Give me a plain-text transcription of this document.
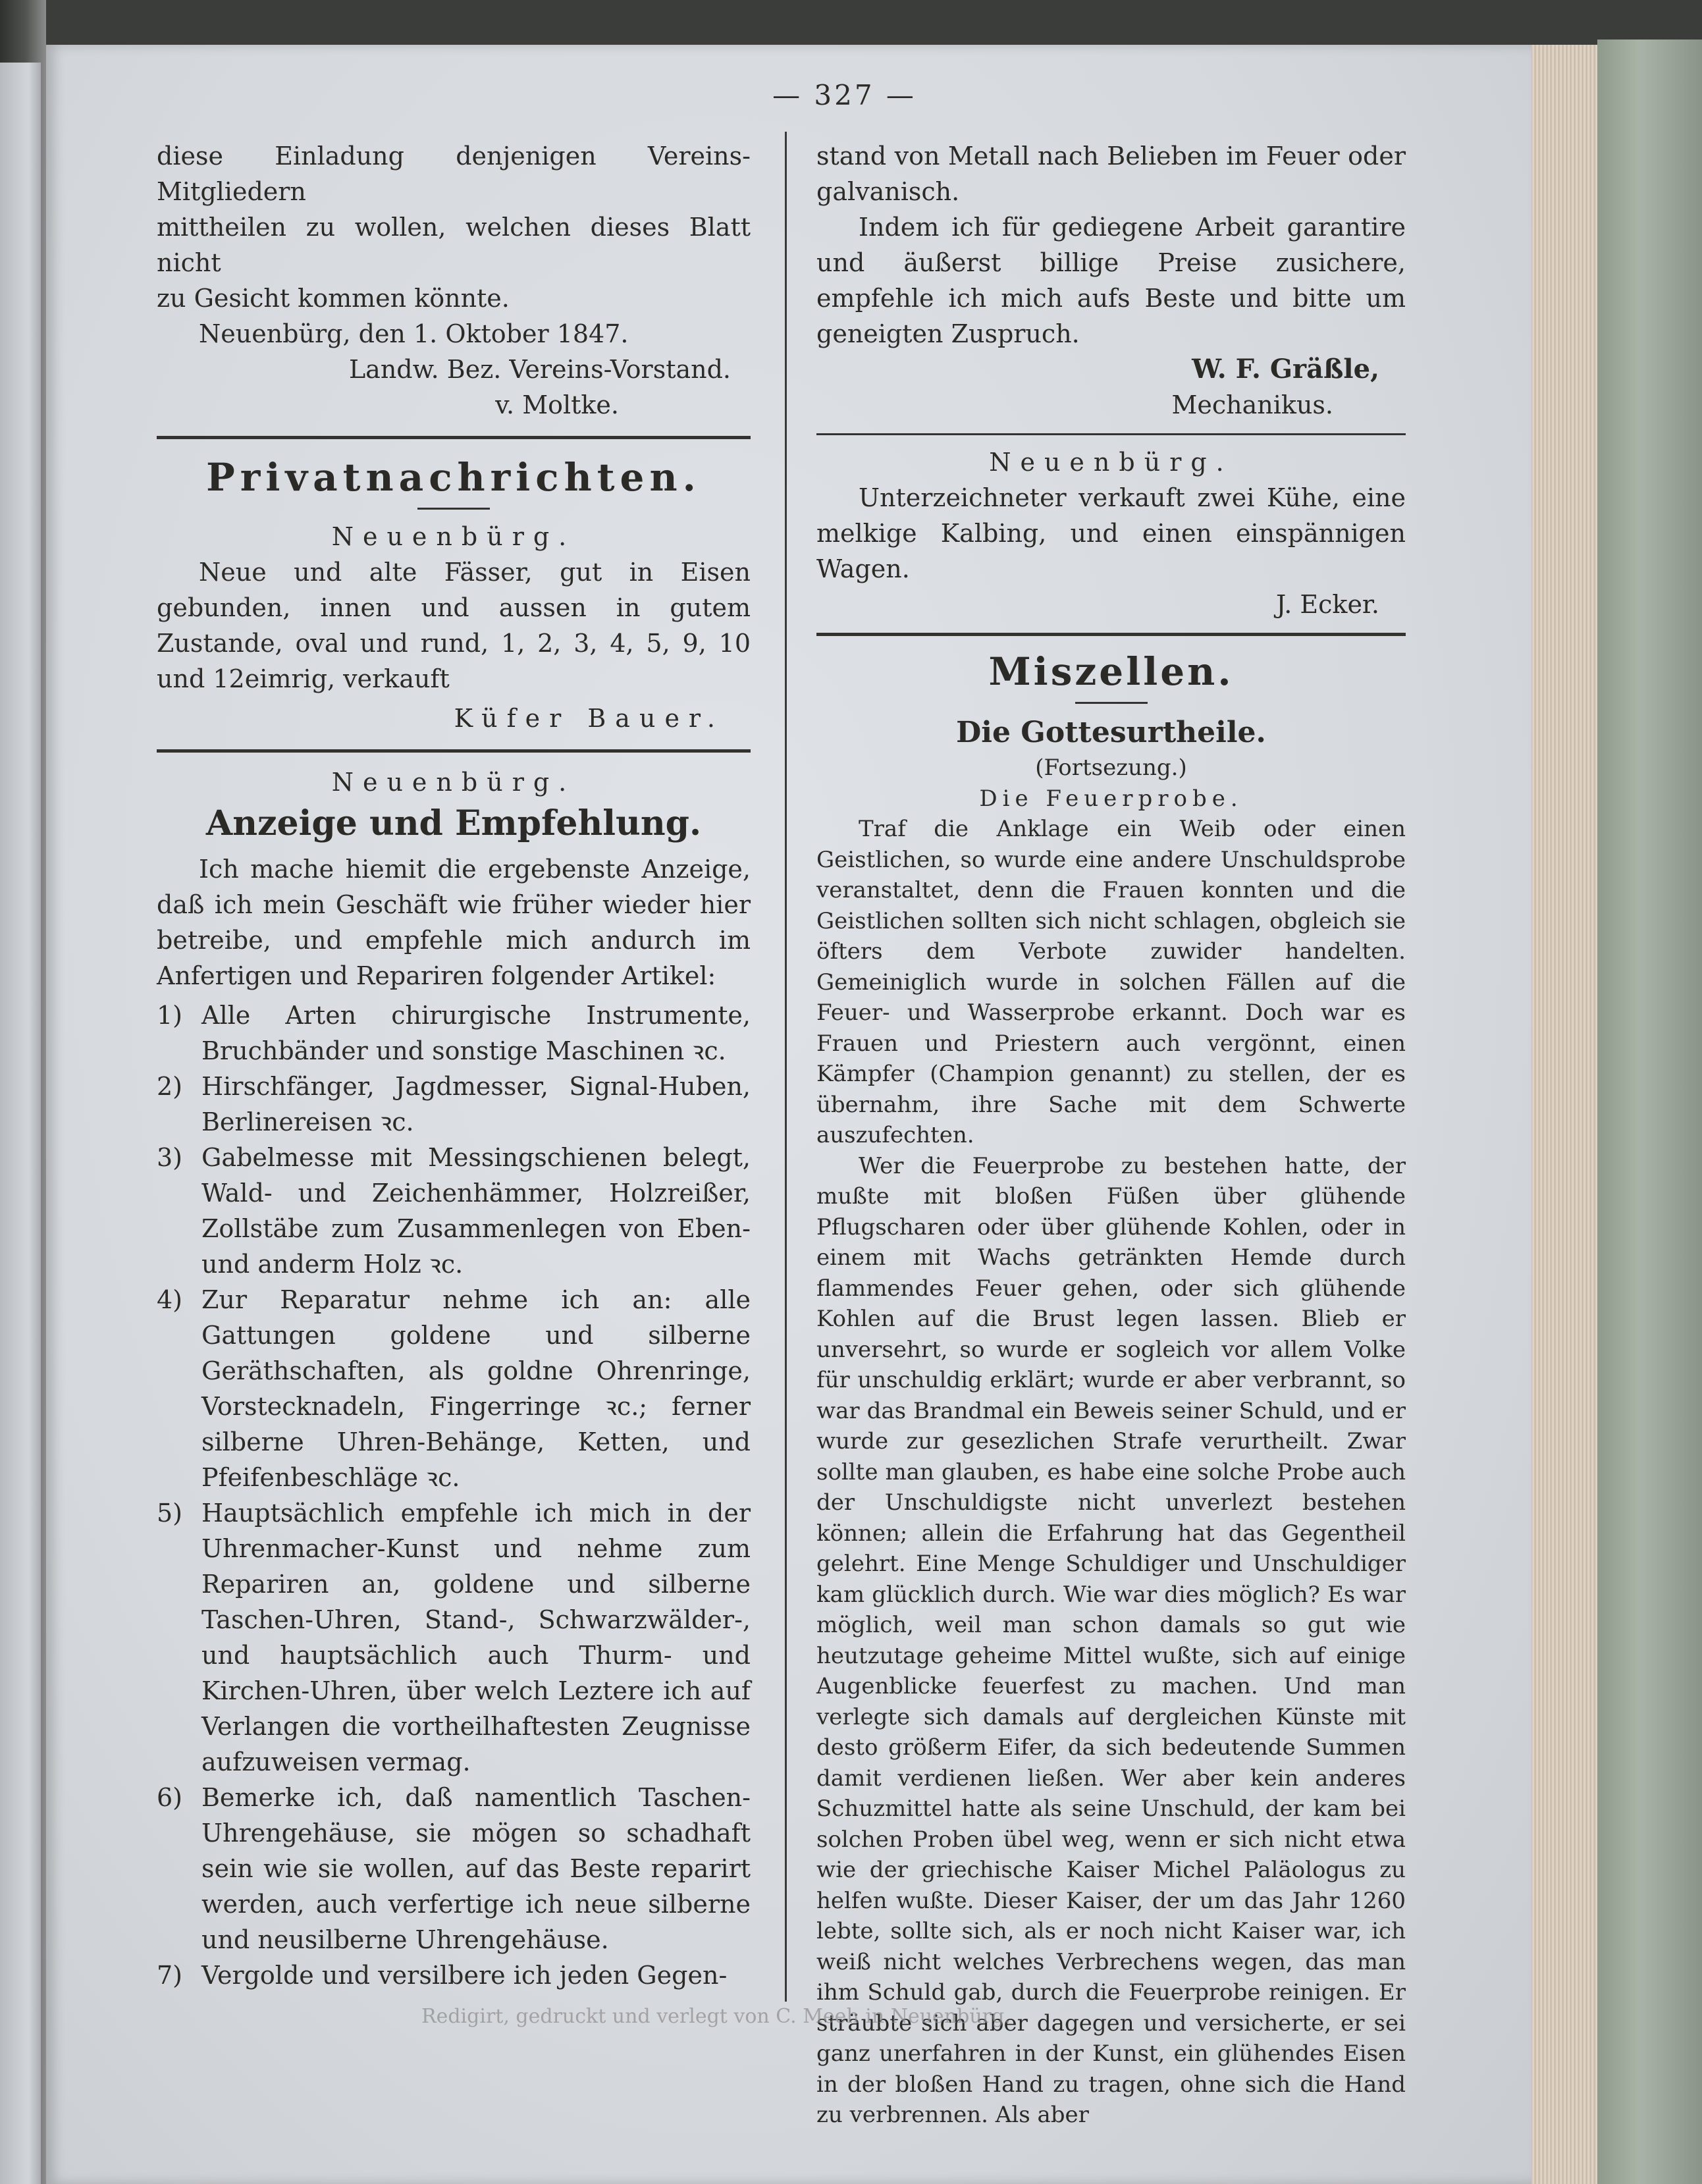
— 327 —

diese Einladung denjenigen Vereins-Mitgliedern

mittheilen zu wollen, welchen dieses Blatt nicht

zu Gesicht kommen könnte.

Neuenbürg, den 1. Oktober 1847.

Landw. Bez. Vereins-Vorstand.

v. Moltke.

Privatnachrichten.

Neuenbürg.

Neue und alte Fässer, gut in Eisen gebunden, innen und aussen in gutem Zustande, oval und rund, 1, 2, 3, 4, 5, 9, 10 und 12eimrig, verkauft

Küfer Bauer.

Neuenbürg.

Anzeige und Empfehlung.

Ich mache hiemit die ergebenste Anzeige, daß ich mein Geschäft wie früher wieder hier betreibe, und empfehle mich andurch im Anfertigen und Repariren folgender Artikel:

1) Alle Arten chirurgische Instrumente, Bruchbänder und sonstige Maschinen ꝛc.

2) Hirschfänger, Jagdmesser, Signal-Huben, Berlinereisen ꝛc.

3) Gabelmesse mit Messingschienen belegt, Wald- und Zeichenhämmer, Holzreißer, Zollstäbe zum Zusammenlegen von Eben- und anderm Holz ꝛc.

4) Zur Reparatur nehme ich an: alle Gattungen goldene und silberne Geräthschaften, als goldne Ohrenringe, Vorstecknadeln, Fingerringe ꝛc.; ferner silberne Uhren-Behänge, Ketten, und Pfeifenbeschläge ꝛc.

5) Hauptsächlich empfehle ich mich in der Uhrenmacher-Kunst und nehme zum Repariren an, goldene und silberne Taschen-Uhren, Stand-, Schwarzwälder-, und hauptsächlich auch Thurm- und Kirchen-Uhren, über welch Leztere ich auf Verlangen die vortheilhaftesten Zeugnisse aufzuweisen vermag.

6) Bemerke ich, daß namentlich Taschen-Uhrengehäuse, sie mögen so schadhaft sein wie sie wollen, auf das Beste reparirt werden, auch verfertige ich neue silberne und neusilberne Uhrengehäuse.

7) Vergolde und versilbere ich jeden Gegen-

stand von Metall nach Belieben im Feuer oder galvanisch.

Indem ich für gediegene Arbeit garantire und äußerst billige Preise zusichere, empfehle ich mich aufs Beste und bitte um geneigten Zuspruch.

W. F. Gräßle,

Mechanikus.

Neuenbürg.

Unterzeichneter verkauft zwei Kühe, eine melkige Kalbing, und einen einspännigen Wagen.

J. Ecker.

Miszellen.

Die Gottesurtheile.

(Fortsezung.)

Die Feuerprobe.

Traf die Anklage ein Weib oder einen Geistlichen, so wurde eine andere Unschuldsprobe veranstaltet, denn die Frauen konnten und die Geistlichen sollten sich nicht schlagen, obgleich sie öfters dem Verbote zuwider handelten. Gemeiniglich wurde in solchen Fällen auf die Feuer- und Wasserprobe erkannt. Doch war es Frauen und Priestern auch vergönnt, einen Kämpfer (Champion genannt) zu stellen, der es übernahm, ihre Sache mit dem Schwerte auszufechten.

Wer die Feuerprobe zu bestehen hatte, der mußte mit bloßen Füßen über glühende Pflugscharen oder über glühende Kohlen, oder in einem mit Wachs getränkten Hemde durch flammendes Feuer gehen, oder sich glühende Kohlen auf die Brust legen lassen. Blieb er unversehrt, so wurde er sogleich vor allem Volke für unschuldig erklärt; wurde er aber verbrannt, so war das Brandmal ein Beweis seiner Schuld, und er wurde zur gesezlichen Strafe verurtheilt. Zwar sollte man glauben, es habe eine solche Probe auch der Unschuldigste nicht unverlezt bestehen können; allein die Erfahrung hat das Gegentheil gelehrt. Eine Menge Schuldiger und Unschuldiger kam glücklich durch. Wie war dies möglich? Es war möglich, weil man schon damals so gut wie heutzutage geheime Mittel wußte, sich auf einige Augenblicke feuerfest zu machen. Und man verlegte sich damals auf dergleichen Künste mit desto größerm Eifer, da sich bedeutende Summen damit verdienen ließen. Wer aber kein anderes Schuzmittel hatte als seine Unschuld, der kam bei solchen Proben übel weg, wenn er sich nicht etwa wie der griechische Kaiser Michel Paläologus zu helfen wußte. Dieser Kaiser, der um das Jahr 1260 lebte, sollte sich, als er noch nicht Kaiser war, ich weiß nicht welches Verbrechens wegen, das man ihm Schuld gab, durch die Feuerprobe reinigen. Er sträubte sich aber dagegen und versicherte, er sei ganz unerfahren in der Kunst, ein glühendes Eisen in der bloßen Hand zu tragen, ohne sich die Hand zu verbrennen. Als aber

Redigirt, gedruckt und verlegt von C. Meeh in Neuenbürg.
